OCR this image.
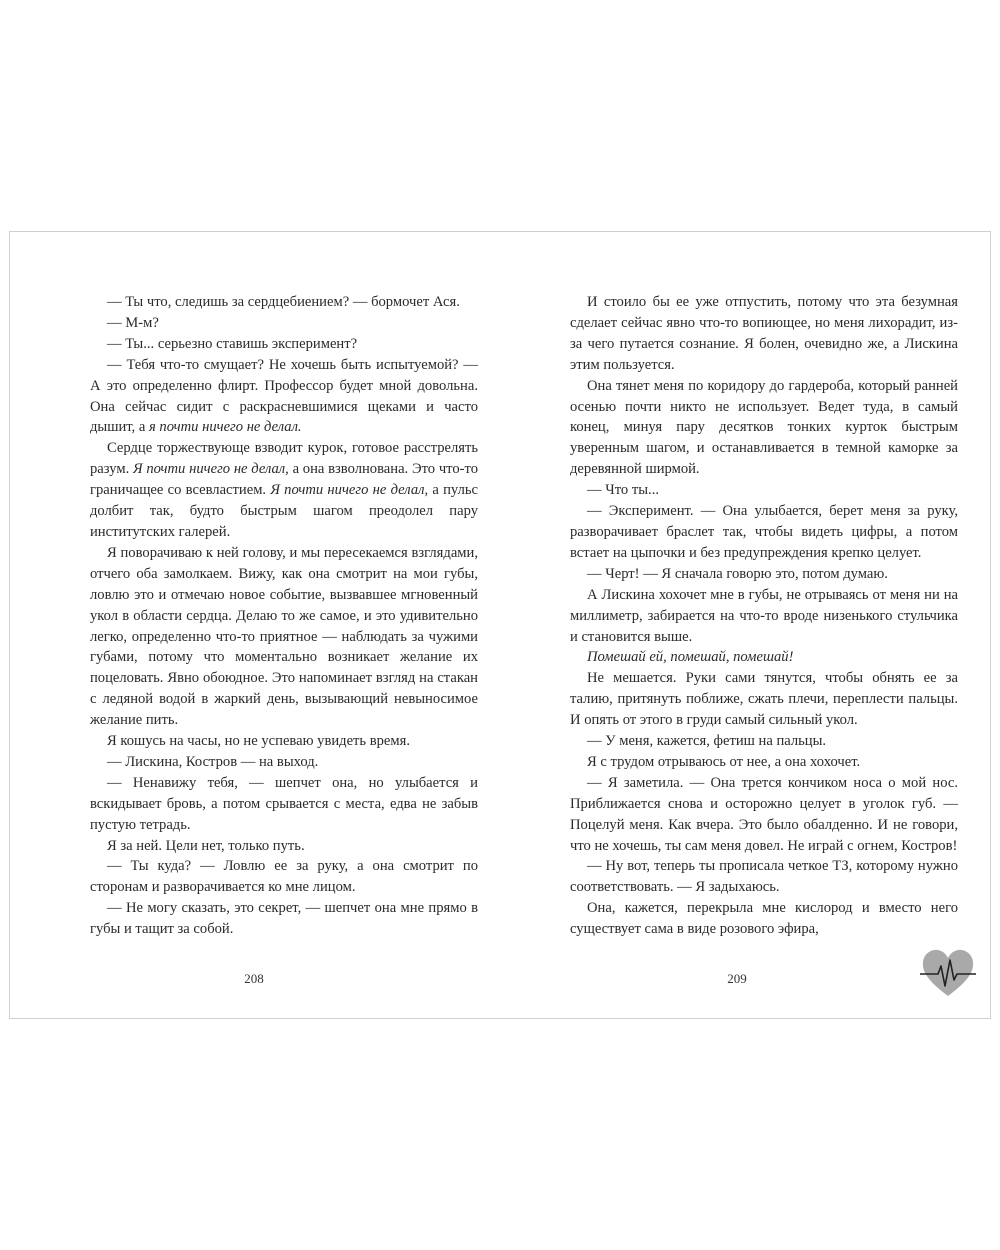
— Ты что, следишь за сердцебиением? — бормочет Ася.

— М-м?

— Ты... серьезно ставишь эксперимент?

— Тебя что-то смущает? Не хочешь быть испытуемой? — А это определенно флирт. Профессор будет мной довольна. Она сейчас сидит с раскрасневшимися щеками и часто дышит, а я почти ничего не делал.

Сердце торжествующе взводит курок, готовое расстрелять разум. Я почти ничего не делал, а она взволнована. Это что-то граничащее со всевластием. Я почти ничего не делал, а пульс долбит так, будто быстрым шагом преодолел пару институтских галерей.

Я поворачиваю к ней голову, и мы пересекаемся взглядами, отчего оба замолкаем. Вижу, как она смотрит на мои губы, ловлю это и отмечаю новое событие, вызвавшее мгновенный укол в области сердца. Делаю то же самое, и это удивительно легко, определенно что-то приятное — наблюдать за чужими губами, потому что моментально возникает желание их поцеловать. Явно обоюдное. Это напоминает взгляд на стакан с ледяной водой в жаркий день, вызывающий невыносимое желание пить.

Я кошусь на часы, но не успеваю увидеть время.

— Лискина, Костров — на выход.

— Ненавижу тебя, — шепчет она, но улыбается и вскидывает бровь, а потом срывается с места, едва не забыв пустую тетрадь.

Я за ней. Цели нет, только путь.

— Ты куда? — Ловлю ее за руку, а она смотрит по сторонам и разворачивается ко мне лицом.

— Не могу сказать, это секрет, — шепчет она мне прямо в губы и тащит за собой.

И стоило бы ее уже отпустить, потому что эта безумная сделает сейчас явно что-то вопиющее, но меня лихорадит, из-за чего путается сознание. Я болен, очевидно же, а Лискина этим пользуется.

Она тянет меня по коридору до гардероба, который ранней осенью почти никто не использует. Ведет туда, в самый конец, минуя пару десятков тонких курток быстрым уверенным шагом, и останавливается в темной каморке за деревянной ширмой.

— Что ты...

— Эксперимент. — Она улыбается, берет меня за руку, разворачивает браслет так, чтобы видеть цифры, а потом встает на цыпочки и без предупреждения крепко целует.

— Черт! — Я сначала говорю это, потом думаю.

А Лискина хохочет мне в губы, не отрываясь от меня ни на миллиметр, забирается на что-то вроде низенького стульчика и становится выше.

Помешай ей, помешай, помешай!

Не мешается. Руки сами тянутся, чтобы обнять ее за талию, притянуть поближе, сжать плечи, переплести пальцы. И опять от этого в груди самый сильный укол.

— У меня, кажется, фетиш на пальцы.

Я с трудом отрываюсь от нее, а она хохочет.

— Я заметила. — Она трется кончиком носа о мой нос. Приближается снова и осторожно целует в уголок губ. — Поцелуй меня. Как вчера. Это было обалденно. И не говори, что не хочешь, ты сам меня довел. Не играй с огнем, Костров!

— Ну вот, теперь ты прописала четкое ТЗ, которому нужно соответствовать. — Я задыхаюсь.

Она, кажется, перекрыла мне кислород и вместо него существует сама в виде розового эфира,

208	209
